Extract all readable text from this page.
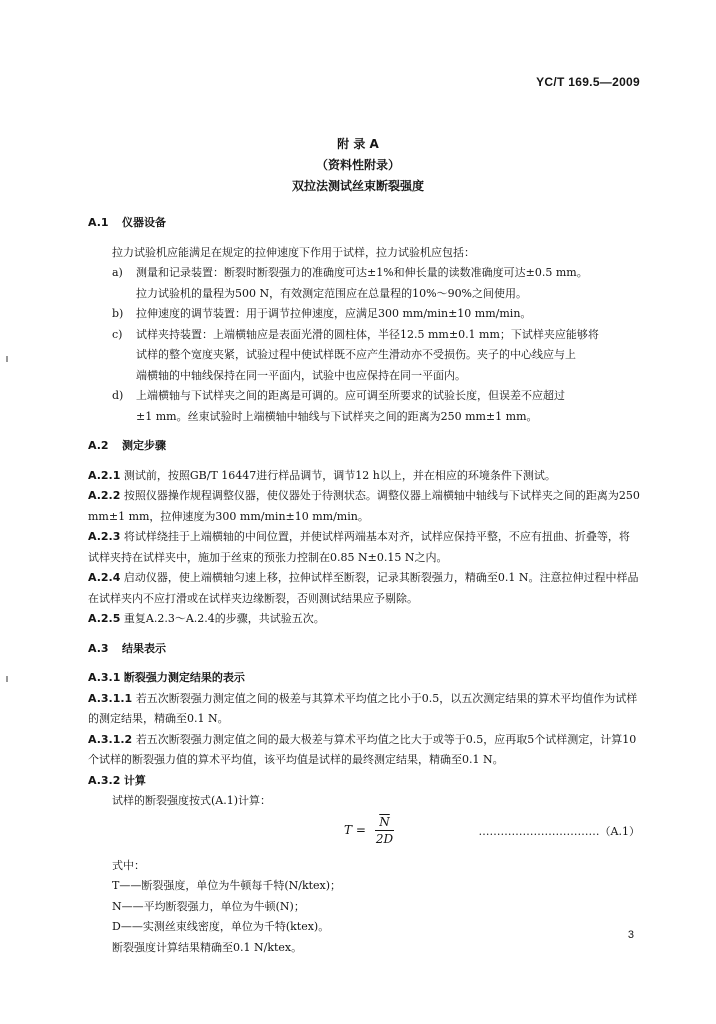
YC/T 169.5—2009
附 录 A
（资料性附录）
双拉法测试丝束断裂强度
A.1 仪器设备

拉力试验机应能满足在规定的拉伸速度下作用于试样，拉力试验机应包括：

a)	测量和记录装置：断裂时断裂强力的准确度可达±1%和伸长量的读数准确度可达±0.5 mm。
拉力试验机的量程为500 N，有效测定范围应在总量程的10%～90%之间使用。
b)	拉伸速度的调节装置：用于调节拉伸速度，应满足300 mm/min±10 mm/min。
c)	试样夹持装置：上端横轴应是表面光滑的圆柱体，半径12.5 mm±0.1 mm；下试样夹应能够将
试样的整个宽度夹紧，试验过程中使试样既不应产生滑动亦不受损伤。夹子的中心线应与上
端横轴的中轴线保持在同一平面内，试验中也应保持在同一平面内。
d)	上端横轴与下试样夹之间的距离是可调的。应可调至所要求的试验长度，但误差不应超过
±1 mm。丝束试验时上端横轴中轴线与下试样夹之间的距离为250 mm±1 mm。
A.2 测定步骤

A.2.1 测试前，按照GB/T 16447进行样品调节，调节12 h以上，并在相应的环境条件下测试。

A.2.2 按照仪器操作规程调整仪器，使仪器处于待测状态。调整仪器上端横轴中轴线与下试样夹之间的距离为250 mm±1 mm，拉伸速度为300 mm/min±10 mm/min。

A.2.3 将试样绕挂于上端横轴的中间位置，并使试样两端基本对齐，试样应保持平整，不应有扭曲、折叠等，将试样夹持在试样夹中，施加于丝束的预张力控制在0.85 N±0.15 N之内。

A.2.4 启动仪器，使上端横轴匀速上移，拉伸试样至断裂，记录其断裂强力，精确至0.1 N。注意拉伸过程中样品在试样夹内不应打滑或在试样夹边缘断裂，否则测试结果应予剔除。

A.2.5 重复A.2.3～A.2.4的步骤，共试验五次。

A.3 结果表示

A.3.1 断裂强力测定结果的表示

A.3.1.1 若五次断裂强力测定值之间的极差与其算术平均值之比小于0.5，以五次测定结果的算术平均值作为试样的测定结果，精确至0.1 N。

A.3.1.2 若五次断裂强力测定值之间的最大极差与算术平均值之比大于或等于0.5，应再取5个试样测定，计算10个试样的断裂强力值的算术平均值，该平均值是试样的最终测定结果，精确至0.1 N。

A.3.2 计算

试样的断裂强度按式(A.1)计算：

$T = \frac{\overline{N}}{2D}$	……………………………（A.1）

式中：

T——断裂强度，单位为牛顿每千特(N/ktex)；

N——平均断裂强力，单位为牛顿(N)；

D——实测丝束线密度，单位为千特(ktex)。

断裂强度计算结果精确至0.1 N/ktex。

3
